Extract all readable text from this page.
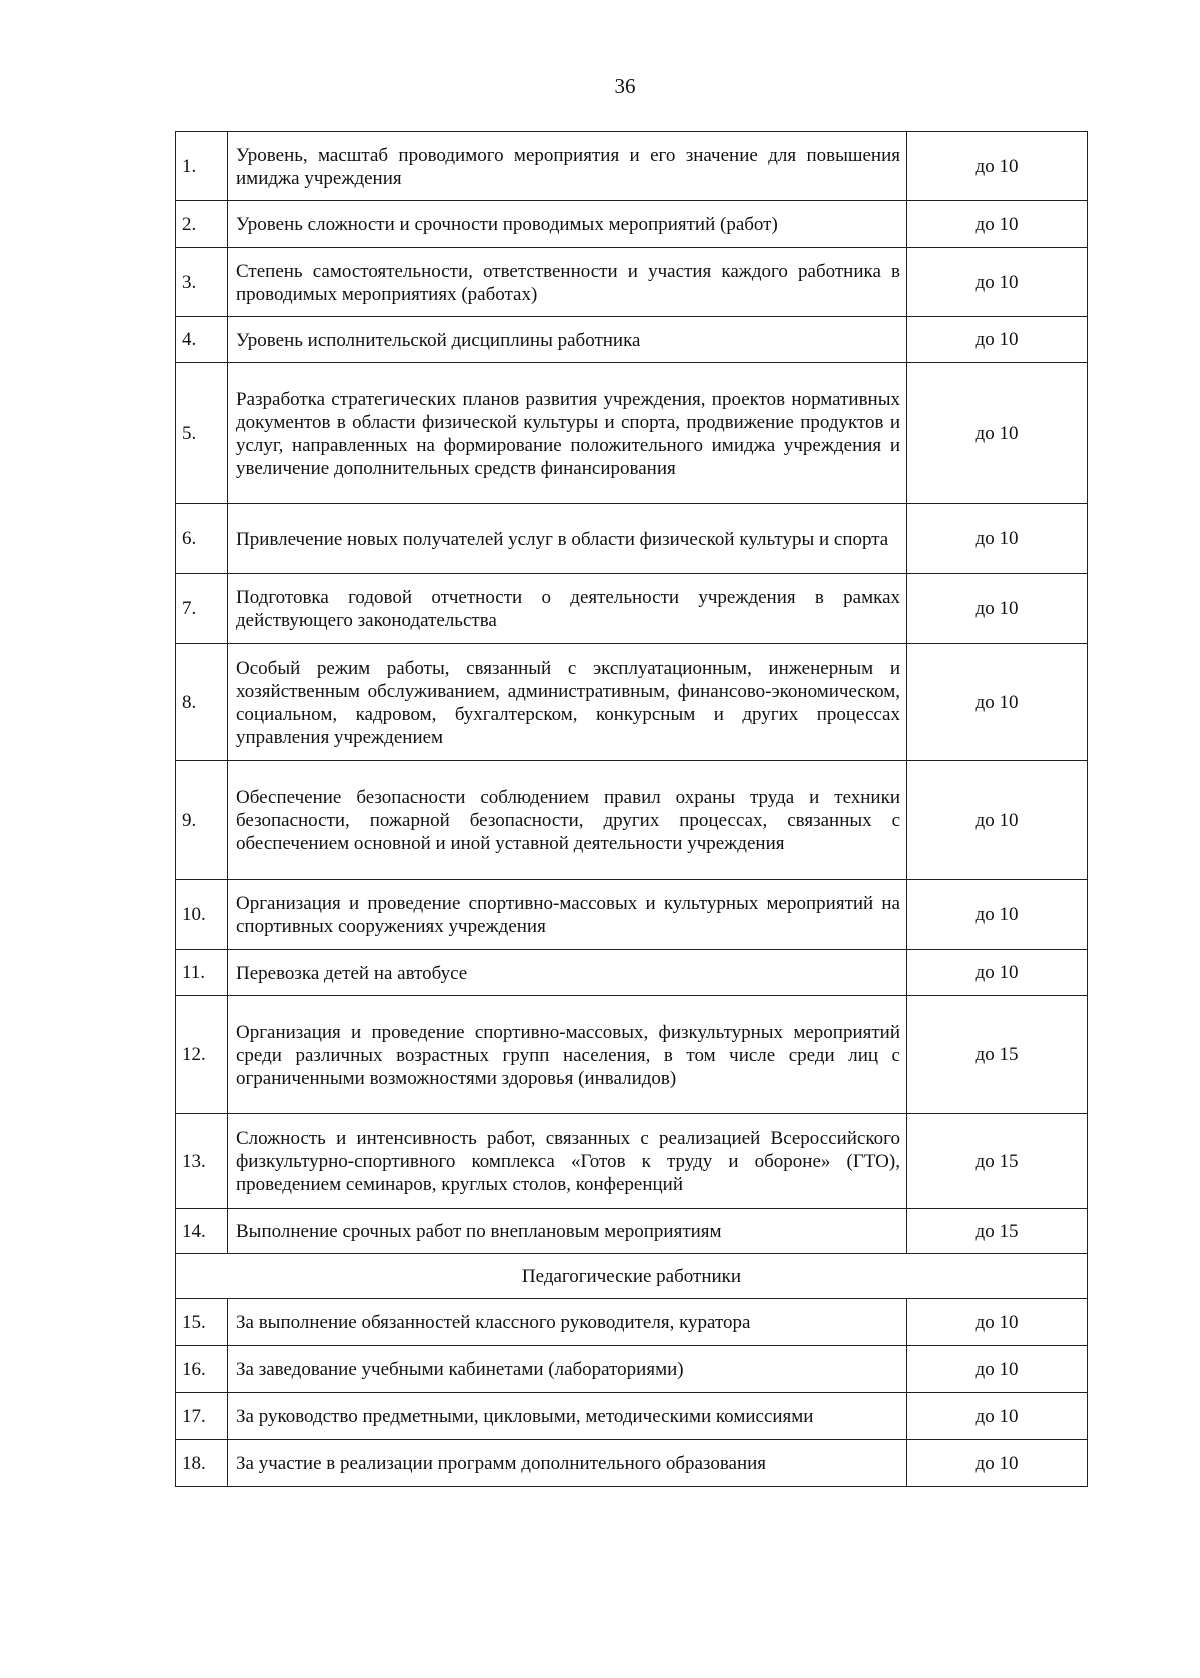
36
1.	Уровень, масштаб проводимого мероприятия и его значение для повышения имиджа учреждения	до 10
2.	Уровень сложности и срочности проводимых мероприятий (работ)	до 10
3.	Степень самостоятельности, ответственности и участия каждого работника в проводимых мероприятиях (работах)	до 10
4.	Уровень исполнительской дисциплины работника	до 10
5.	Разработка стратегических планов развития учреждения, проектов нормативных документов в области физической культуры и спорта, продвижение продуктов и услуг, направленных на формирование положительного имиджа учреждения и увеличение дополнительных средств финансирования	до 10
6.	Привлечение новых получателей услуг в области физической культуры и спорта	до 10
7.	Подготовка годовой отчетности о деятельности учреждения в рамках действующего законодательства	до 10
8.	Особый режим работы, связанный с эксплуатационным, инженерным и хозяйственным обслуживанием, административным, финансово-экономическом, социальном, кадровом, бухгалтерском, конкурсным и других процессах управления учреждением	до 10
9.	Обеспечение безопасности соблюдением правил охраны труда и техники безопасности, пожарной безопасности, других процессах, связанных с обеспечением основной и иной уставной деятельности учреждения	до 10
10.	Организация и проведение спортивно-массовых и культурных мероприятий на спортивных сооружениях учреждения	до 10
11.	Перевозка детей на автобусе	до 10
12.	Организация и проведение спортивно-массовых, физкультурных мероприятий среди различных возрастных групп населения, в том числе среди лиц с ограниченными возможностями здоровья (инвалидов)	до 15
13.	Сложность и интенсивность работ, связанных с реализацией Всероссийского физкультурно-спортивного комплекса «Готов к труду и обороне» (ГТО), проведением семинаров, круглых столов, конференций	до 15
14.	Выполнение срочных работ по внеплановым мероприятиям	до 15
Педагогические работники		
15.	За выполнение обязанностей классного руководителя, куратора	до 10
16.	За заведование учебными кабинетами (лабораториями)	до 10
17.	За руководство предметными, цикловыми, методическими комиссиями	до 10
18.	За участие в реализации программ дополнительного образования	до 10
